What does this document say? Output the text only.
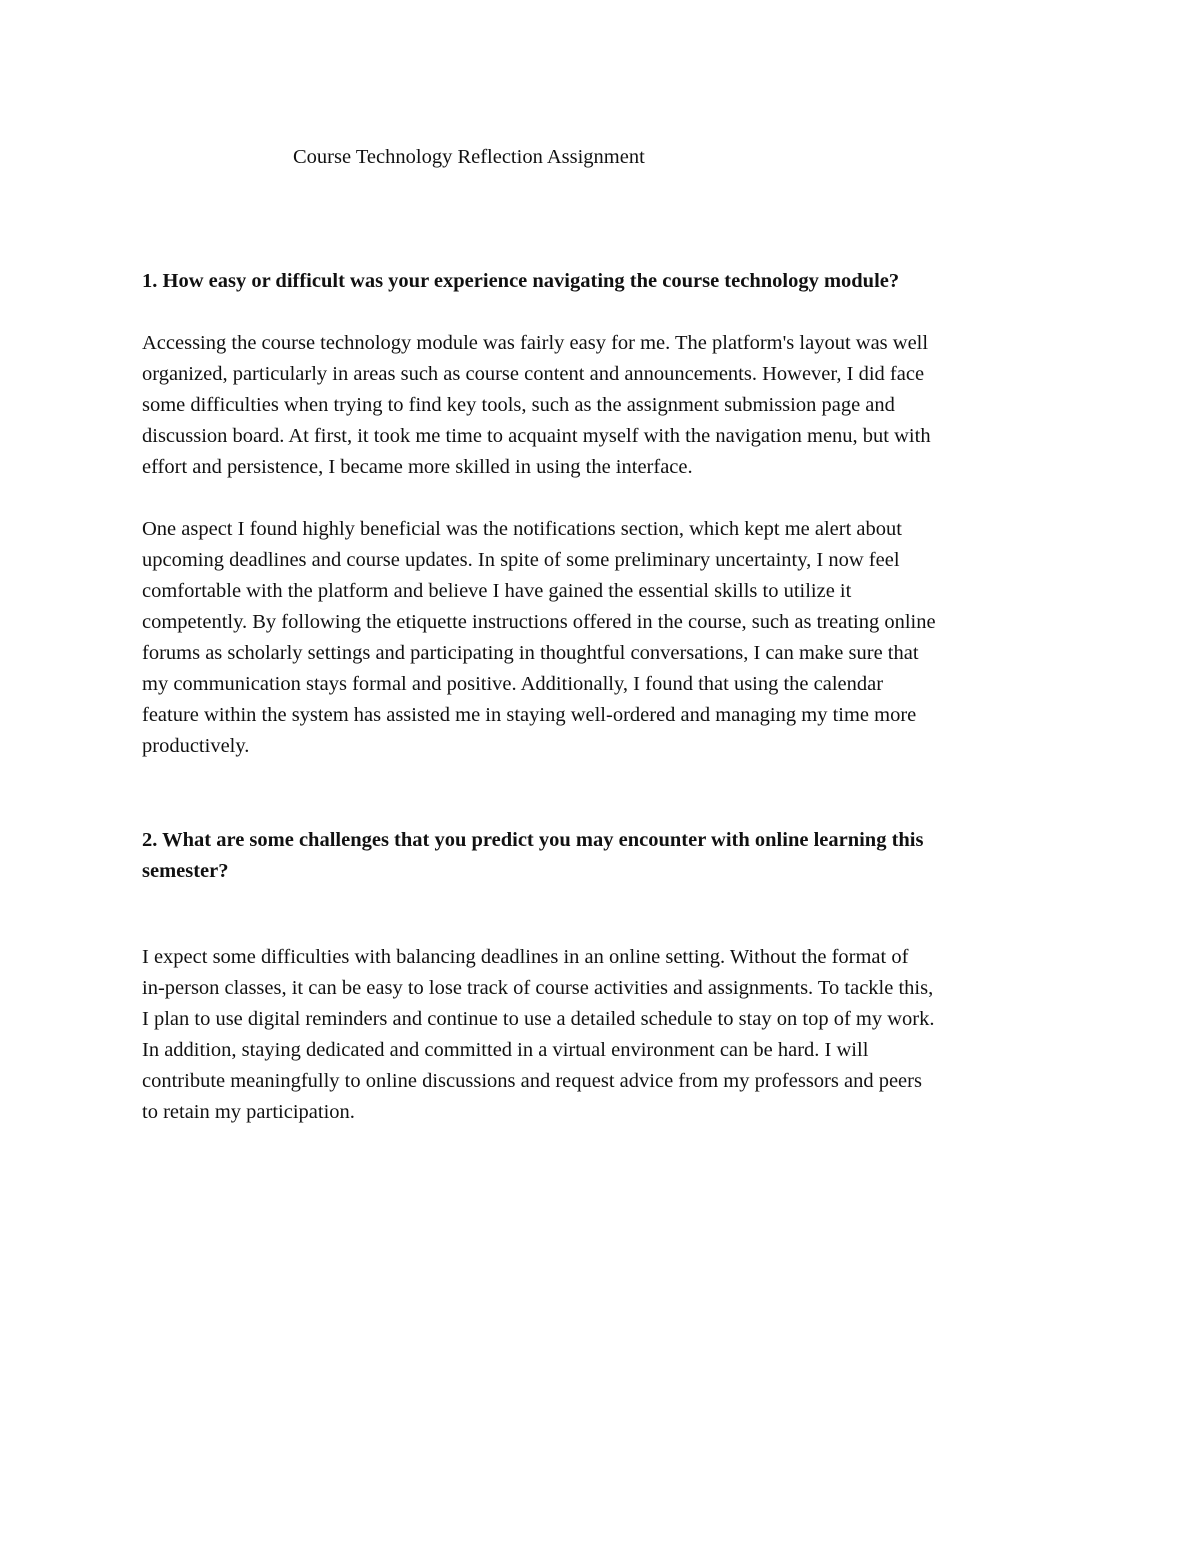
Course Technology Reflection Assignment

1. How easy or difficult was your experience navigating the course technology module?

Accessing the course technology module was fairly easy for me. The platform's layout was well
organized, particularly in areas such as course content and announcements. However, I did face
some difficulties when trying to find key tools, such as the assignment submission page and
discussion board. At first, it took me time to acquaint myself with the navigation menu, but with
effort and persistence, I became more skilled in using the interface.

One aspect I found highly beneficial was the notifications section, which kept me alert about
upcoming deadlines and course updates. In spite of some preliminary uncertainty, I now feel
comfortable with the platform and believe I have gained the essential skills to utilize it
competently. By following the etiquette instructions offered in the course, such as treating online
forums as scholarly settings and participating in thoughtful conversations, I can make sure that
my communication stays formal and positive. Additionally, I found that using the calendar
feature within the system has assisted me in staying well-ordered and managing my time more
productively.

2. What are some challenges that you predict you may encounter with online learning this
semester?

I expect some difficulties with balancing deadlines in an online setting. Without the format of
in-person classes, it can be easy to lose track of course activities and assignments. To tackle this,
I plan to use digital reminders and continue to use a detailed schedule to stay on top of my work.
In addition, staying dedicated and committed in a virtual environment can be hard. I will
contribute meaningfully to online discussions and request advice from my professors and peers
to retain my participation.
